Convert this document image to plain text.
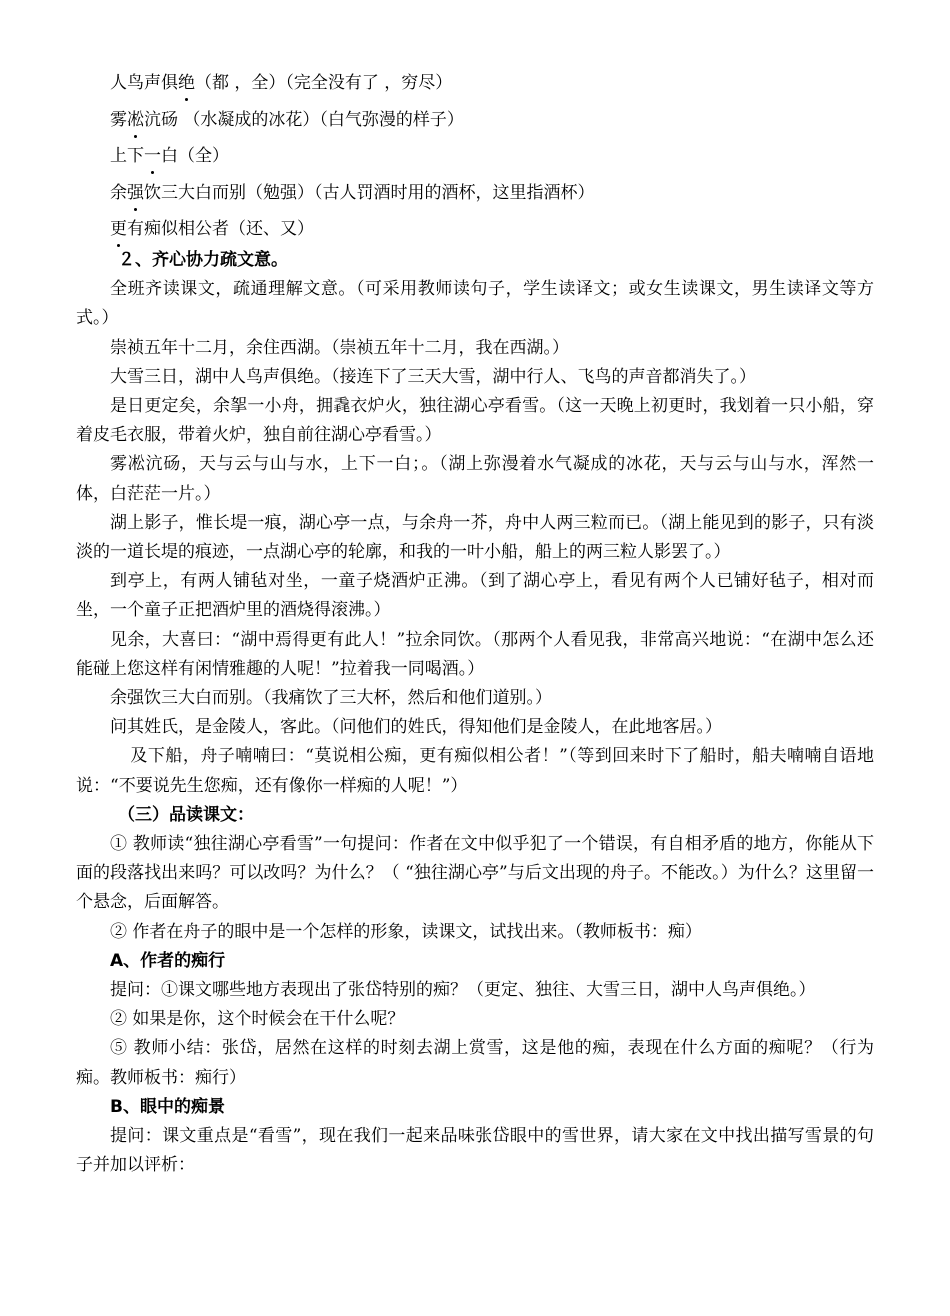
人鸟声俱绝（都 ，全）（完全没有了 ，穷尽）

雾凇沆砀 （水凝成的冰花）（白气弥漫的样子）

上下一白（全）

余强饮三大白而别（勉强）（古人罚酒时用的酒杯，这里指酒杯）

更有痴似相公者（还、又）

２、齐心协力疏文意。

全班齐读课文，疏通理解文意。（可采用教师读句子，学生读译文；或女生读课文，男生读译文等方式。）

崇祯五年十二月，余住西湖。（崇祯五年十二月，我在西湖。）

大雪三日，湖中人鸟声俱绝。（接连下了三天大雪，湖中行人、飞鸟的声音都消失了。）

是日更定矣，余挐一小舟，拥毳衣炉火，独往湖心亭看雪。（这一天晚上初更时，我划着一只小船，穿着皮毛衣服，带着火炉，独自前往湖心亭看雪。）

雾凇沆砀，天与云与山与水，上下一白；。（湖上弥漫着水气凝成的冰花，天与云与山与水，浑然一体，白茫茫一片。）

湖上影子，惟长堤一痕，湖心亭一点，与余舟一芥，舟中人两三粒而已。（湖上能见到的影子，只有淡淡的一道长堤的痕迹，一点湖心亭的轮廓，和我的一叶小船，船上的两三粒人影罢了。）

到亭上，有两人铺毡对坐，一童子烧酒炉正沸。（到了湖心亭上，看见有两个人已铺好毡子，相对而坐，一个童子正把酒炉里的酒烧得滚沸。）

见余，大喜曰：“湖中焉得更有此人！”拉余同饮。（那两个人看见我，非常高兴地说：“在湖中怎么还能碰上您这样有闲情雅趣的人呢！”拉着我一同喝酒。）

余强饮三大白而别。（我痛饮了三大杯，然后和他们道别。）

问其姓氏，是金陵人，客此。（问他们的姓氏，得知他们是金陵人，在此地客居。）

及下船，舟子喃喃曰：“莫说相公痴，更有痴似相公者！”（等到回来时下了船时，船夫喃喃自语地说：“不要说先生您痴，还有像你一样痴的人呢！”）

（三）品读课文：

① 教师读“独往湖心亭看雪”一句提问：作者在文中似乎犯了一个错误，有自相矛盾的地方，你能从下面的段落找出来吗？可以改吗？为什么？（ “独往湖心亭”与后文出现的舟子。不能改。）为什么？这里留一个悬念，后面解答。

② 作者在舟子的眼中是一个怎样的形象，读课文，试找出来。（教师板书：痴）

A、作者的痴行

提问：①课文哪些地方表现出了张岱特别的痴？（更定、独往、大雪三日，湖中人鸟声俱绝。）

② 如果是你，这个时候会在干什么呢？

⑤ 教师小结：张岱，居然在这样的时刻去湖上赏雪，这是他的痴，表现在什么方面的痴呢？（行为痴。教师板书：痴行）

B、眼中的痴景

提问：课文重点是“看雪”，现在我们一起来品味张岱眼中的雪世界，请大家在文中找出描写雪景的句子并加以评析：
